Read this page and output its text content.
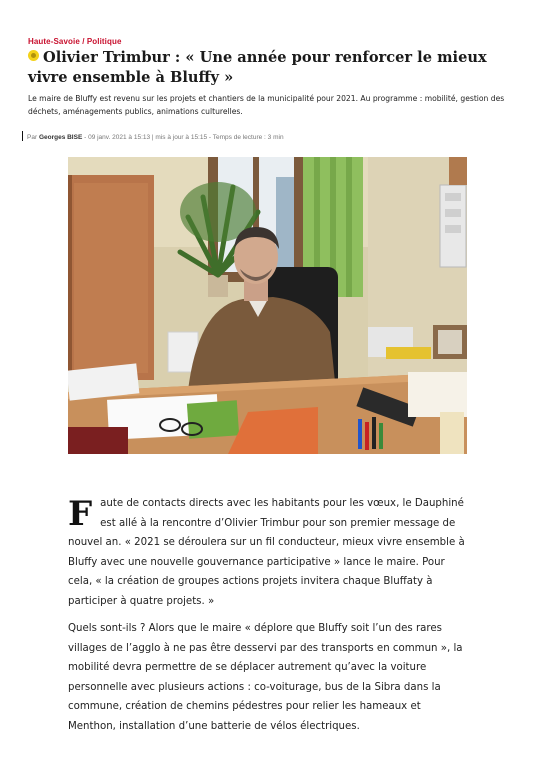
Haute-Savoie / Politique
Olivier Trimbur : « Une année pour renforcer le mieux vivre ensemble à Bluffy »

Le maire de Bluffy est revenu sur les projets et chantiers de la municipalité pour 2021. Au programme : mobilité, gestion des déchets, aménagements publics, animations culturelles.

Par Georges BISE - 09 janv. 2021 à 15:13 | mis à jour à 15:15 - Temps de lecture : 3 min

Faute de contacts directs avec les habitants pour les vœux, le Dauphiné est allé à la rencontre d’Olivier Trimbur pour son premier message de nouvel an. « 2021 se déroulera sur un fil conducteur, mieux vivre ensemble à Bluffy avec une nouvelle gouvernance participative » lance le maire. Pour cela, « la création de groupes actions projets invitera chaque Bluffaty à participer à quatre projets. »

Quels sont-ils ? Alors que le maire « déplore que Bluffy soit l’un des rares villages de l’agglo à ne pas être desservi par des transports en commun », la mobilité devra permettre de se déplacer autrement qu’avec la voiture personnelle avec plusieurs actions : co-voiturage, bus de la Sibra dans la commune, création de chemins pédestres pour relier les hameaux et Menthon, installation d’une batterie de vélos électriques.
